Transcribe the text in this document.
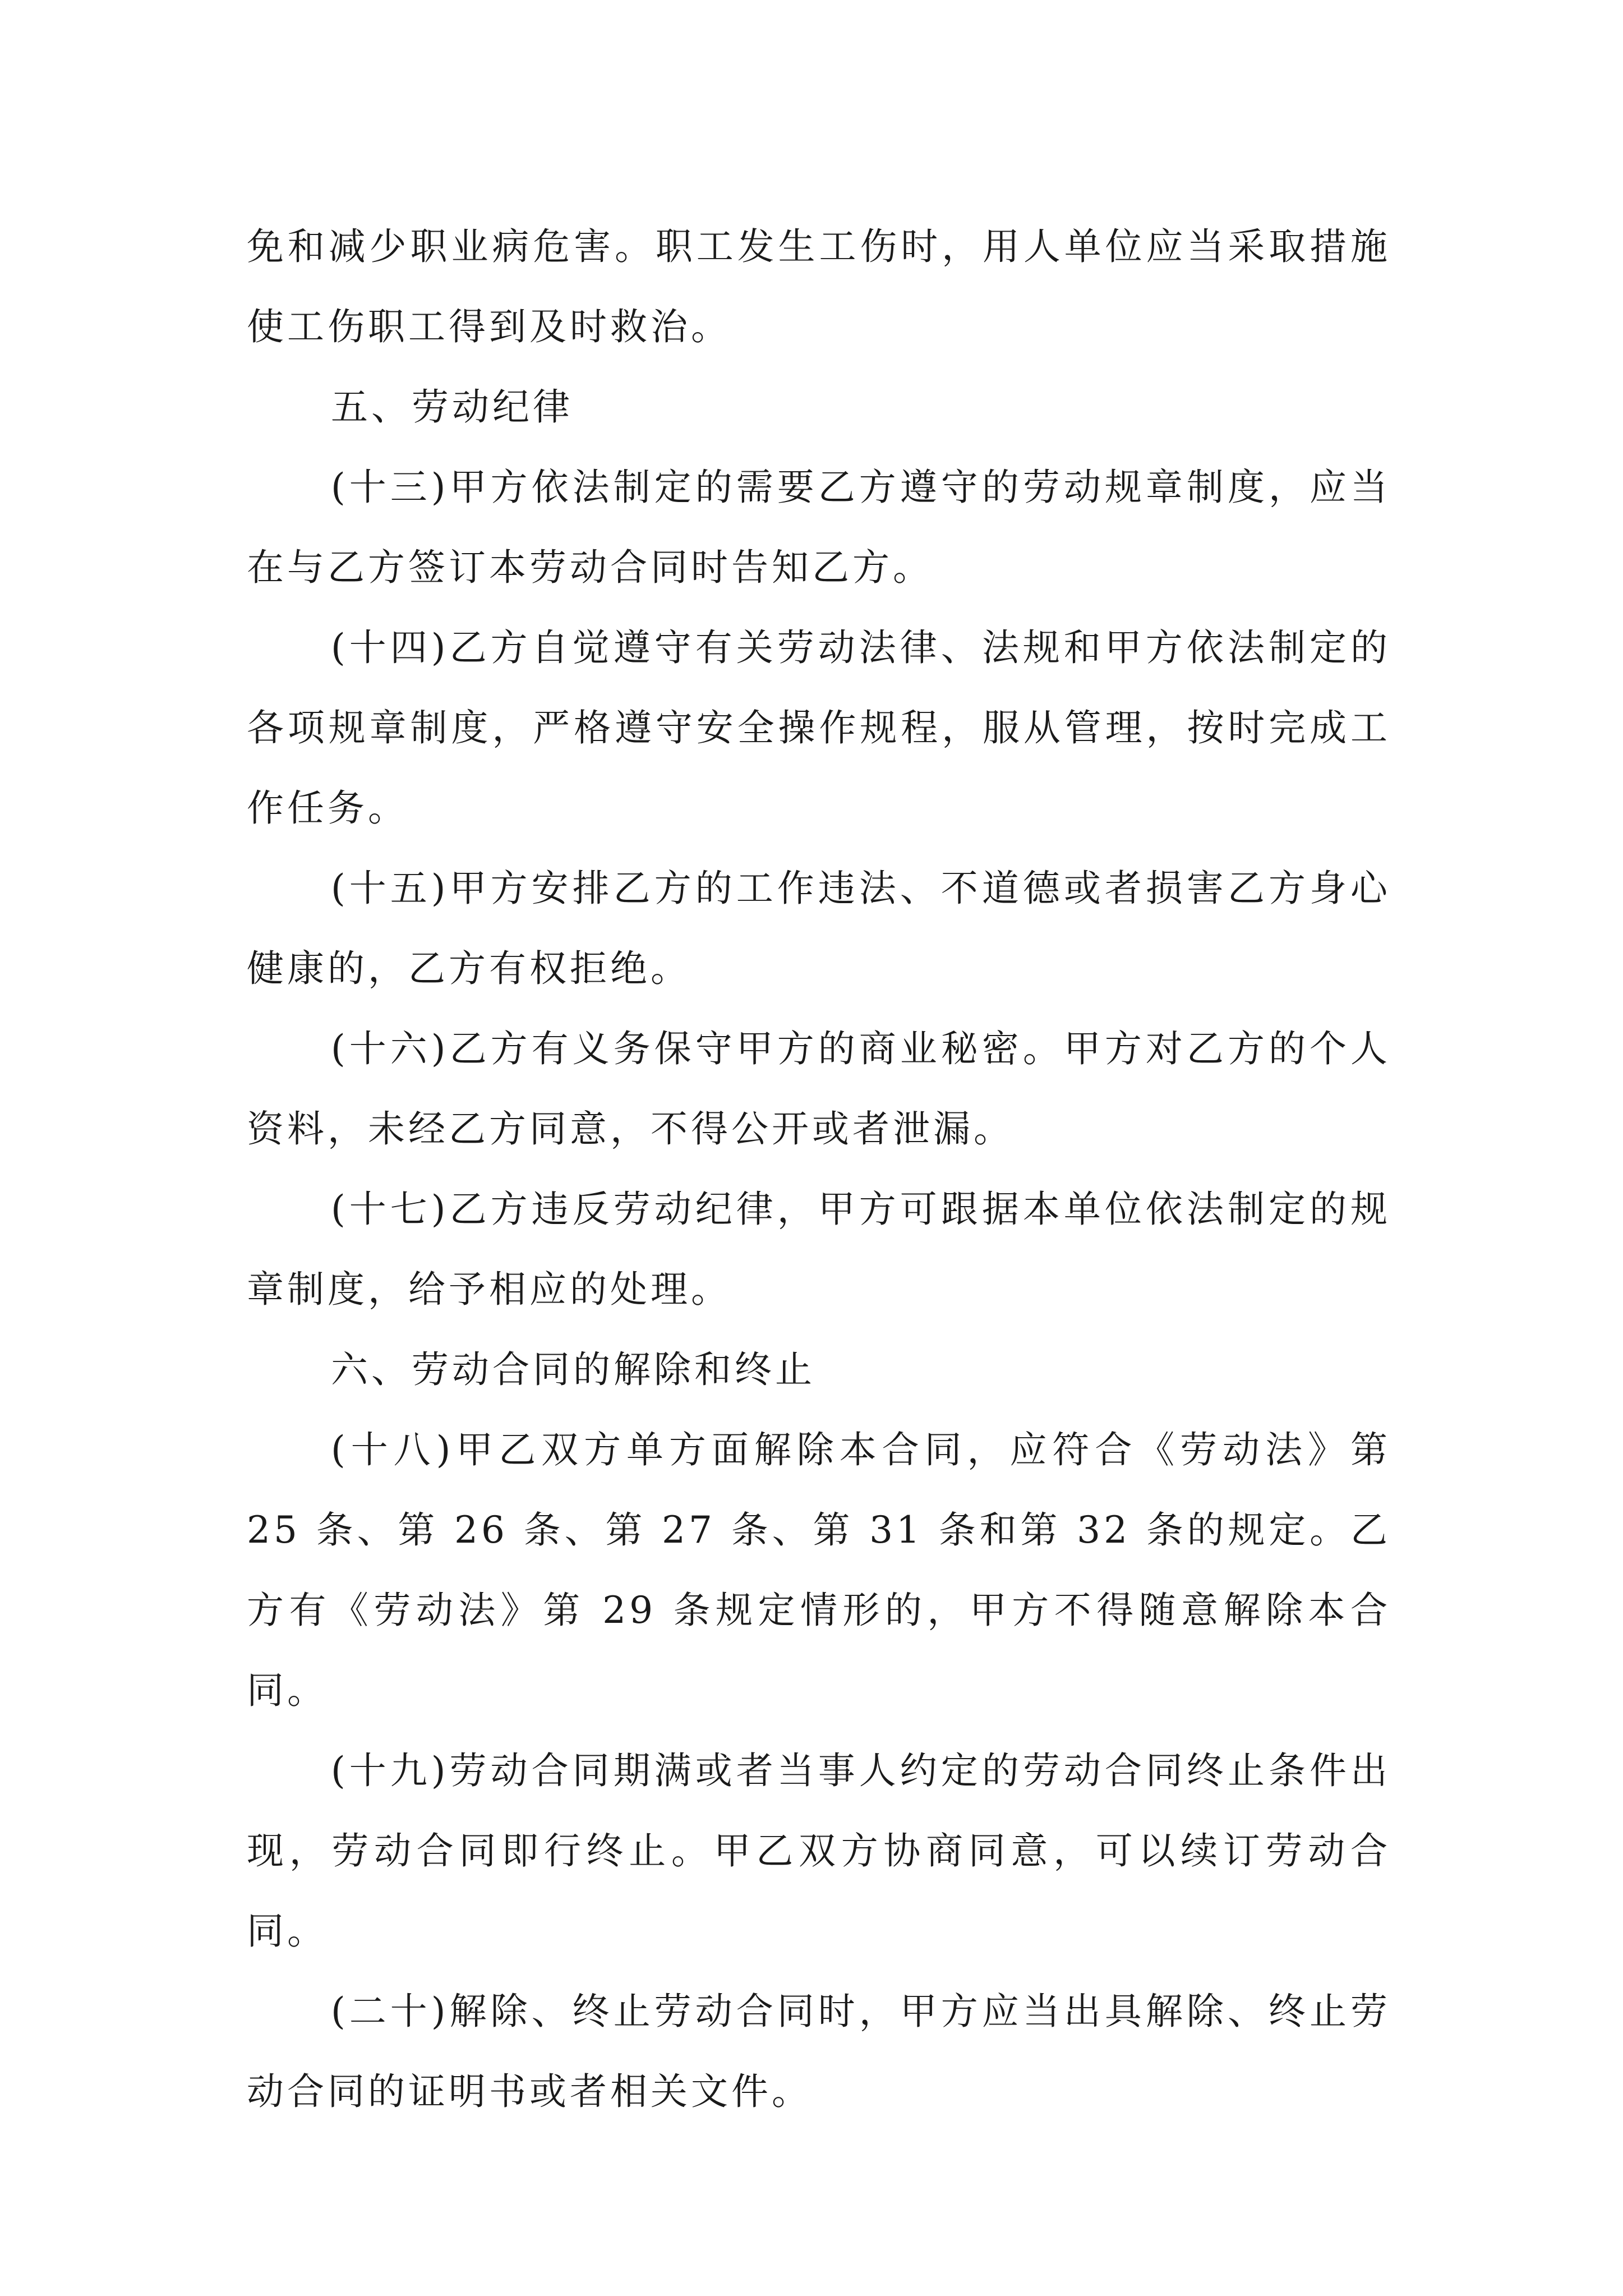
免和减少职业病危害。职工发生工伤时，用人单位应当采取措施使工伤职工得到及时救治。

五、劳动纪律

(十三)甲方依法制定的需要乙方遵守的劳动规章制度，应当在与乙方签订本劳动合同时告知乙方。

(十四)乙方自觉遵守有关劳动法律、法规和甲方依法制定的各项规章制度，严格遵守安全操作规程，服从管理，按时完成工作任务。

(十五)甲方安排乙方的工作违法、不道德或者损害乙方身心健康的，乙方有权拒绝。

(十六)乙方有义务保守甲方的商业秘密。甲方对乙方的个人资料，未经乙方同意，不得公开或者泄漏。

(十七)乙方违反劳动纪律，甲方可跟据本单位依法制定的规章制度，给予相应的处理。

六、劳动合同的解除和终止

(十八)甲乙双方单方面解除本合同，应符合《劳动法》第 25 条、第 26 条、第 27 条、第 31 条和第 32 条的规定。乙方有《劳动法》第 29 条规定情形的，甲方不得随意解除本合同。

(十九)劳动合同期满或者当事人约定的劳动合同终止条件出现，劳动合同即行终止。甲乙双方协商同意，可以续订劳动合同。

(二十)解除、终止劳动合同时，甲方应当出具解除、终止劳动合同的证明书或者相关文件。
